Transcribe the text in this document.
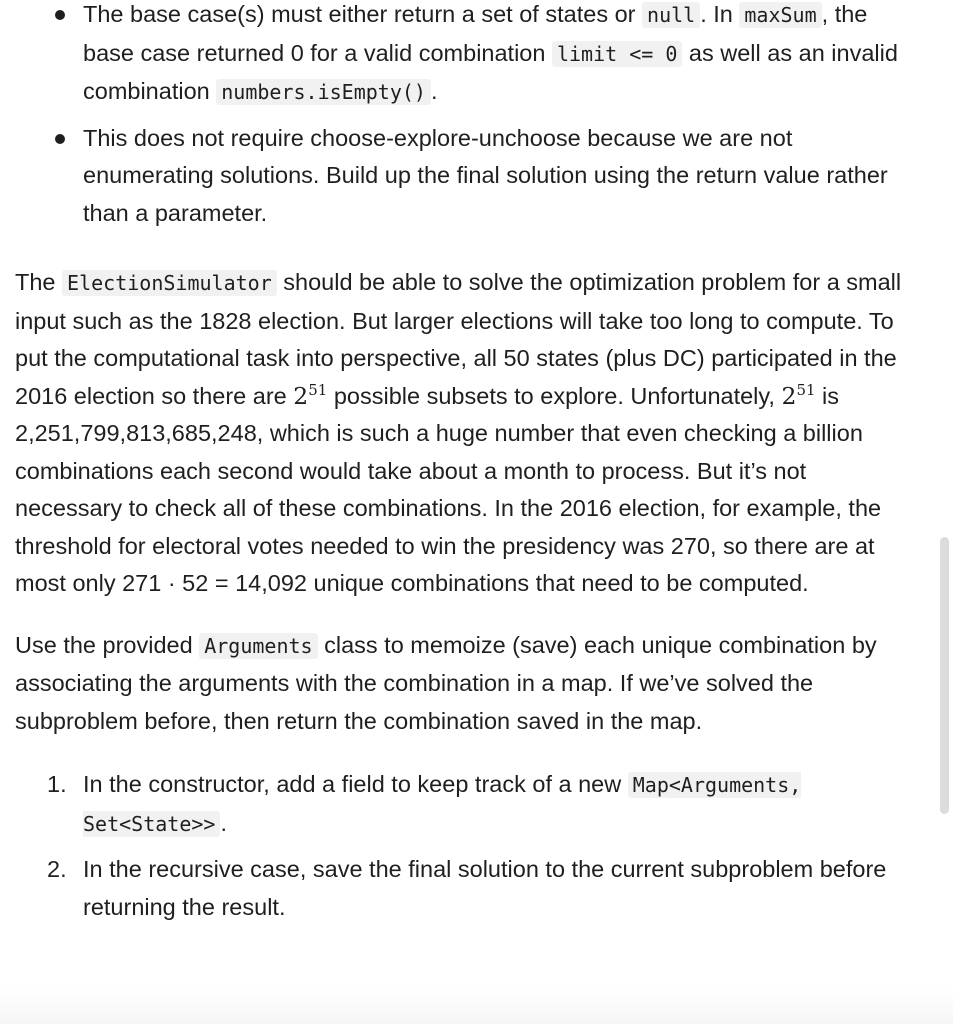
The base case(s) must either return a set of states or null . In maxSum , the base case returned 0 for a valid combination limit <= 0 as well as an invalid combination numbers.isEmpty() .
This does not require choose-explore-unchoose because we are not enumerating solutions. Build up the final solution using the return value rather than a parameter.

The ElectionSimulator should be able to solve the optimization problem for a small input such as the 1828 election. But larger elections will take too long to compute. To put the computational task into perspective, all 50 states (plus DC) participated in the 2016 election so there are $2^{51}$ possible subsets to explore. Unfortunately, $2^{51}$ is 2,251,799,813,685,248, which is such a huge number that even checking a billion combinations each second would take about a month to process. But it’s not necessary to check all of these combinations. In the 2016 election, for example, the threshold for electoral votes needed to win the presidency was 270, so there are at most only 271 · 52 = 14,092 unique combinations that need to be computed.

Use the provided Arguments class to memoize (save) each unique combination by associating the arguments with the combination in a map. If we’ve solved the subproblem before, then return the combination saved in the map.

1. In the constructor, add a field to keep track of a new Map<Arguments, Set<State>> .
2. In the recursive case, save the final solution to the current subproblem before returning the result.
